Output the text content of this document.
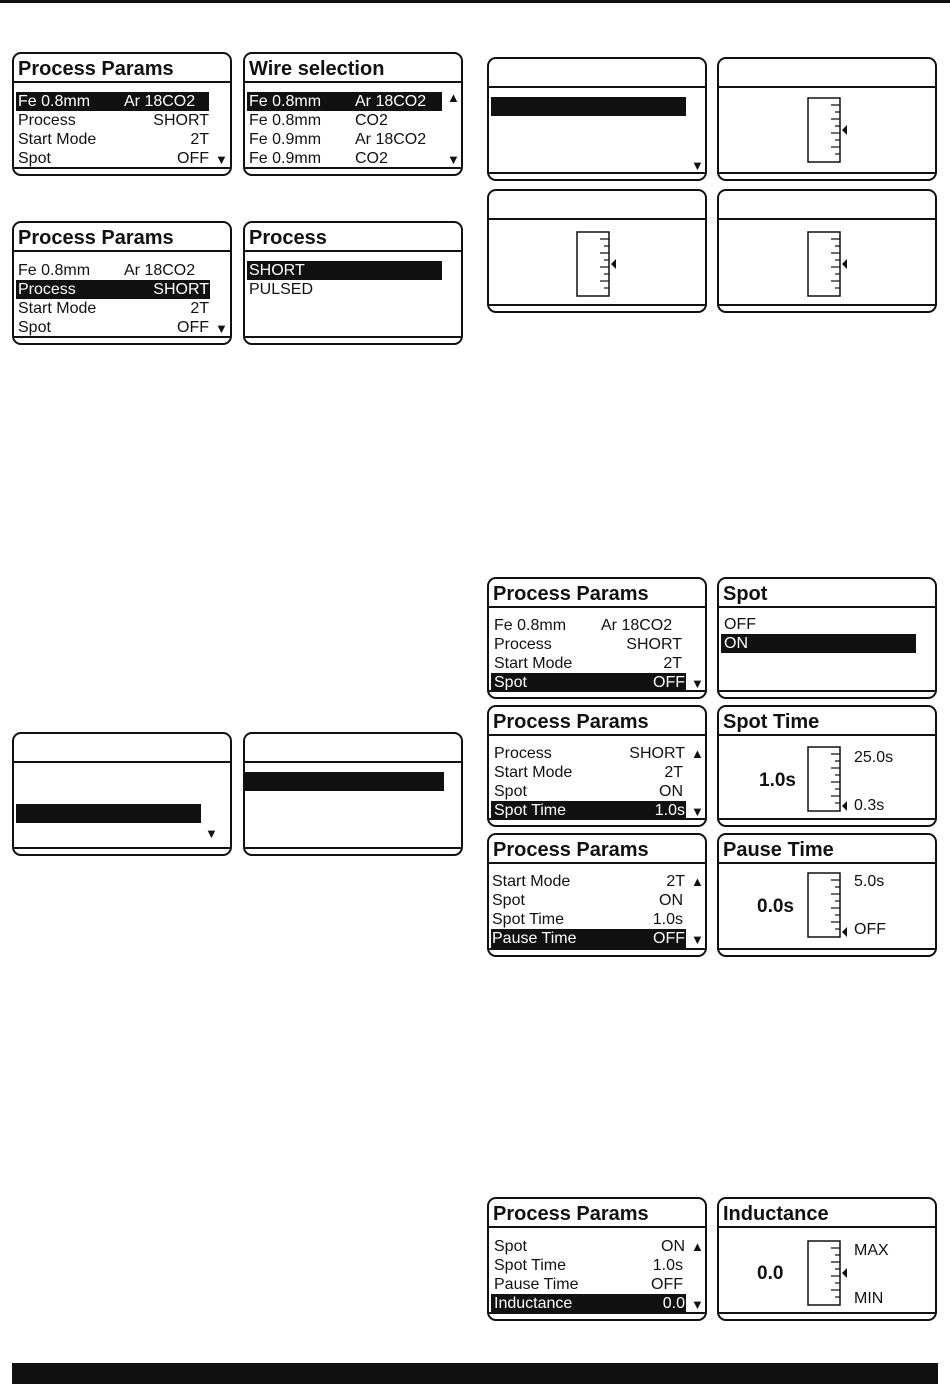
Process Params
Fe 0.8mm Ar 18CO2
Process	SHORT
Start Mode	2T
Spot	OFF ▼
Wire selection
Fe 0.8mm Ar 18CO2
Fe 0.8mm CO2
Fe 0.9mm Ar 18CO2
Fe 0.9mm CO2
▲
▼
Process Params
Fe 0.8mm Ar 18CO2
Process	SHORT
Start Mode	2T
Spot	OFF ▼
Process
SHORT
PULSED
▼
▼
Process Params
Fe 0.8mm Ar 18CO2
Process	SHORT
Start Mode	2T
Spot	OFF ▼
Spot
OFF
ON
Process Params
Process	SHORT
Start Mode	2T
Spot	ON
Spot Time	1.0s
▲
▼
Spot Time
1.0s
25.0s
0.3s
Process Params
Start Mode	2T
Spot	ON
Spot Time	1.0s
Pause Time	OFF
▲
▼
Pause Time
0.0s
5.0s
OFF
Process Params
Spot	ON
Spot Time	1.0s
Pause Time	OFF
Inductance	0.0
▲
▼
Inductance
0.0
MAX
MIN
